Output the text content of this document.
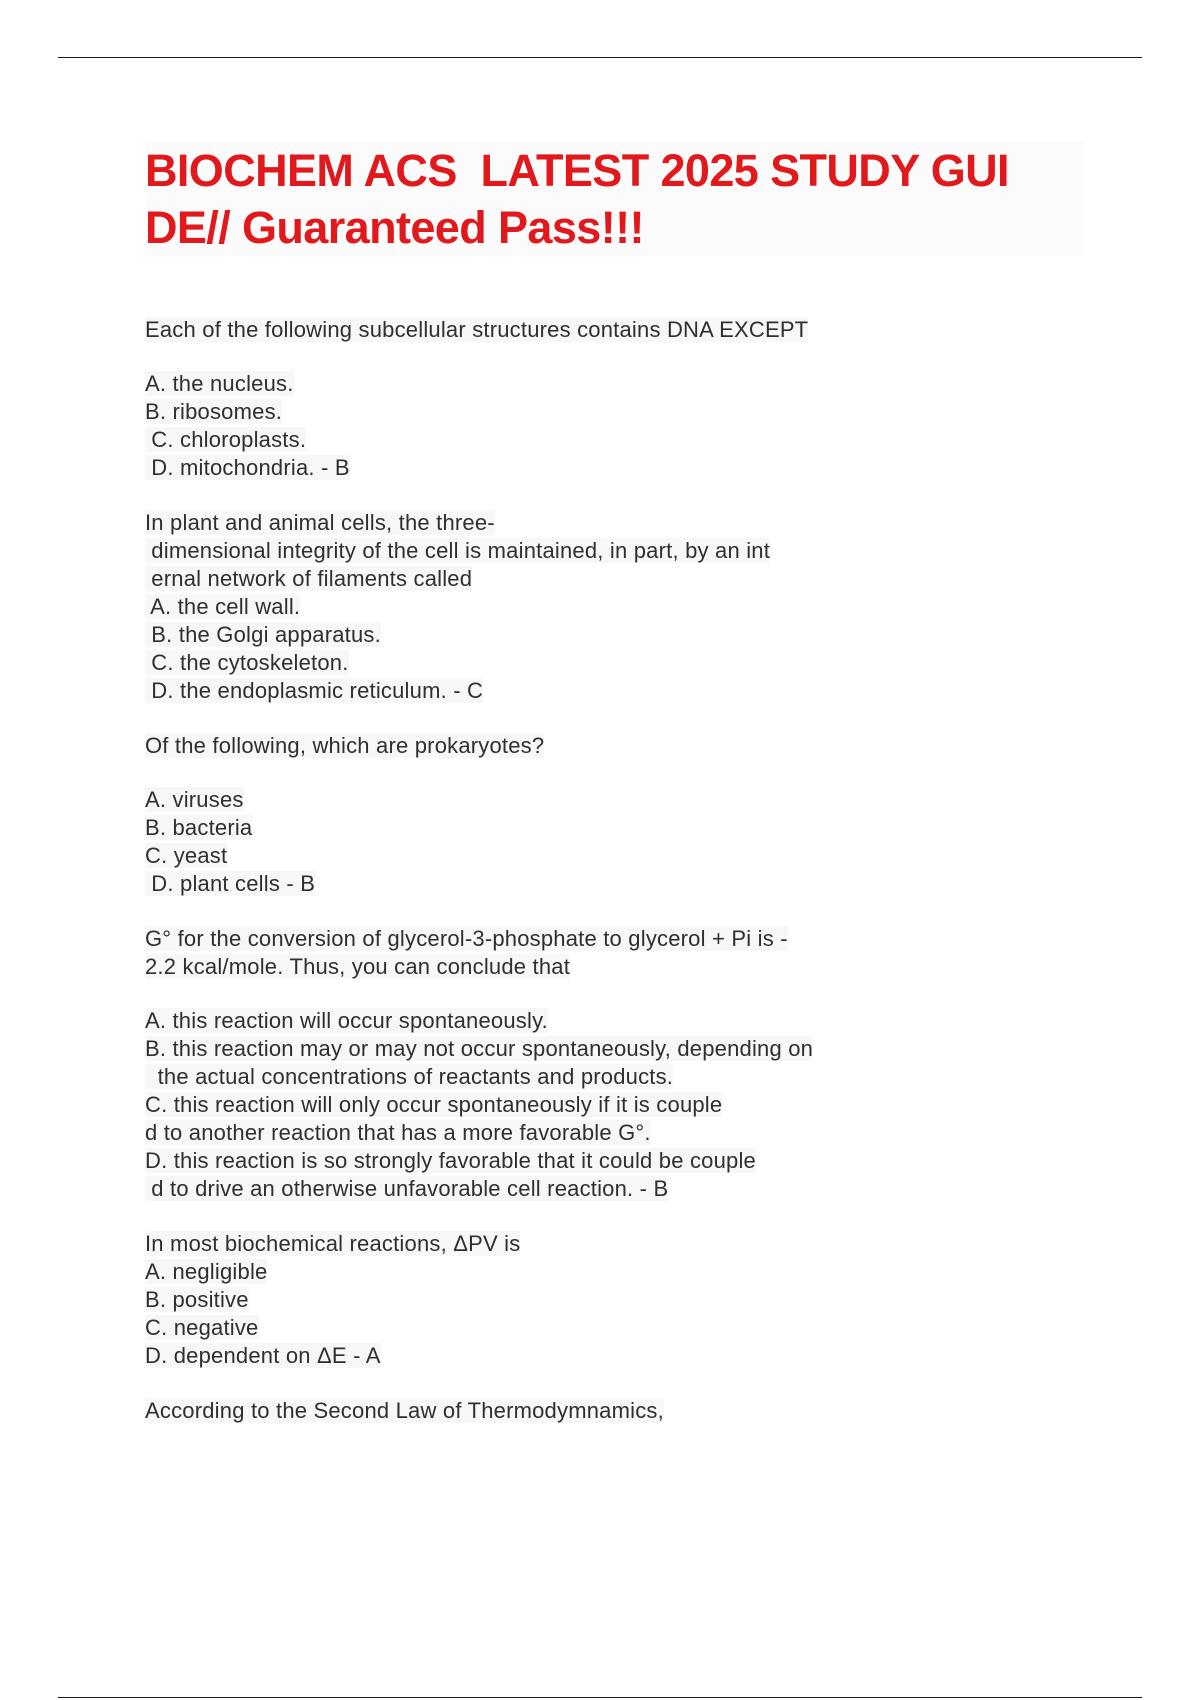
BIOCHEM ACS  LATEST 2025 STUDY GUI
DE// Guaranteed Pass!!!
Each of the following subcellular structures contains DNA EXCEPT
A. the nucleus.
B. ribosomes.
C. chloroplasts.
D. mitochondria. - B
In plant and animal cells, the three-
dimensional integrity of the cell is maintained, in part, by an int
ernal network of filaments called
A. the cell wall.
B. the Golgi apparatus.
C. the cytoskeleton.
D. the endoplasmic reticulum. - C
Of the following, which are prokaryotes?
A. viruses
B. bacteria
C. yeast
D. plant cells - B
G° for the conversion of glycerol-3-phosphate to glycerol + Pi is -
2.2 kcal/mole. Thus, you can conclude that
A. this reaction will occur spontaneously.
B. this reaction may or may not occur spontaneously, depending on
the actual concentrations of reactants and products.
C. this reaction will only occur spontaneously if it is couple
d to another reaction that has a more favorable G°.
D. this reaction is so strongly favorable that it could be couple
d to drive an otherwise unfavorable cell reaction. - B
In most biochemical reactions, ΔPV is
A. negligible
B. positive
C. negative
D. dependent on ΔE - A
According to the Second Law of Thermodymnamics,
